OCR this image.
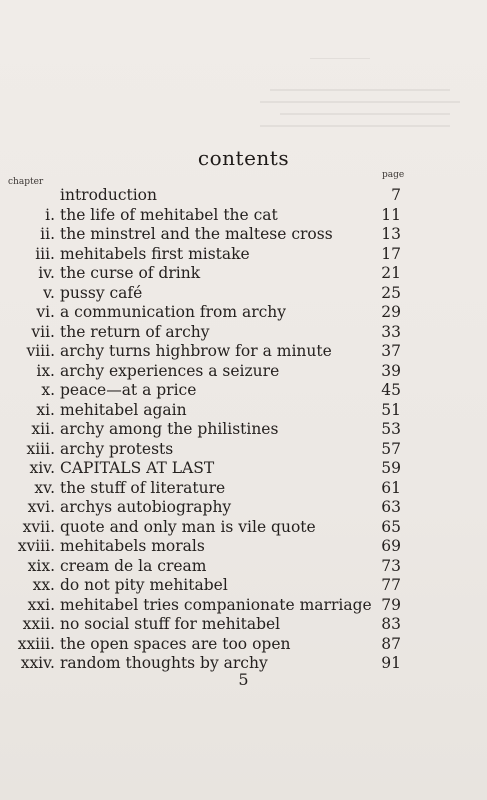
contents
chapter
page
introduction	7
i. the life of mehitabel the cat	11
ii. the minstrel and the maltese cross	13
iii. mehitabels first mistake	17
iv. the curse of drink	21
v. pussy café	25
vi. a communication from archy	29
vii. the return of archy	33
viii. archy turns highbrow for a minute	37
ix. archy experiences a seizure	39
x. peace—at a price	45
xi. mehitabel again	51
xii. archy among the philistines	53
xiii. archy protests	57
xiv. CAPITALS AT LAST	59
xv. the stuff of literature	61
xvi. archys autobiography	63
xvii. quote and only man is vile quote	65
xviii. mehitabels morals	69
xix. cream de la cream	73
xx. do not pity mehitabel	77
xxi. mehitabel tries companionate marriage 79
xxii. no social stuff for mehitabel	83
xxiii. the open spaces are too open	87
xxiv. random thoughts by archy	91
5
